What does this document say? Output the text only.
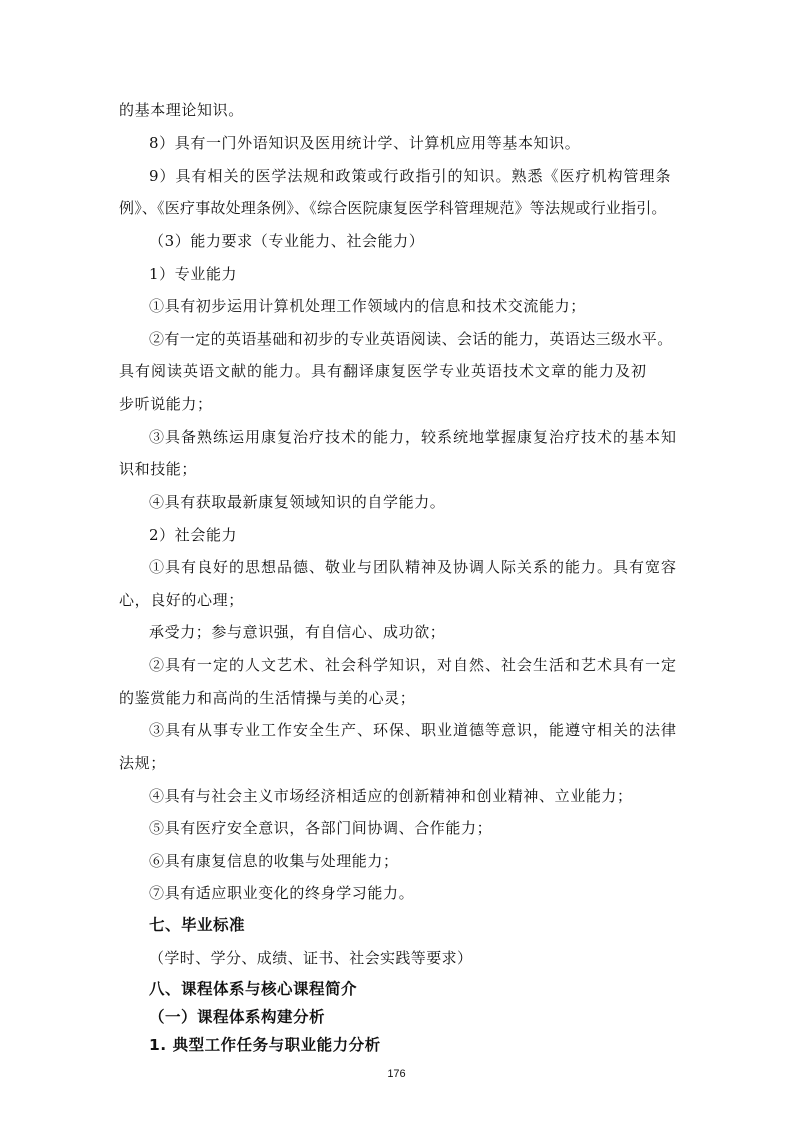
的基本理论知识。
8）具有一门外语知识及医用统计学、计算机应用等基本知识。
9）具有相关的医学法规和政策或行政指引的知识。熟悉《医疗机构管理条
例》、《医疗事故处理条例》、《综合医院康复医学科管理规范》等法规或行业指引。
（3）能力要求（专业能力、社会能力）
1）专业能力
①具有初步运用计算机处理工作领域内的信息和技术交流能力；
②有一定的英语基础和初步的专业英语阅读、会话的能力，英语达三级水平。
具有阅读英语文献的能力。具有翻译康复医学专业英语技术文章的能力及初
步听说能力；
③具备熟练运用康复治疗技术的能力，较系统地掌握康复治疗技术的基本知
识和技能；
④具有获取最新康复领域知识的自学能力。
2）社会能力
①具有良好的思想品德、敬业与团队精神及协调人际关系的能力。具有宽容
心，良好的心理；
承受力；参与意识强，有自信心、成功欲；
②具有一定的人文艺术、社会科学知识，对自然、社会生活和艺术具有一定
的鉴赏能力和高尚的生活情操与美的心灵；
③具有从事专业工作安全生产、环保、职业道德等意识，能遵守相关的法律
法规；
④具有与社会主义市场经济相适应的创新精神和创业精神、立业能力；
⑤具有医疗安全意识，各部门间协调、合作能力；
⑥具有康复信息的收集与处理能力；
⑦具有适应职业变化的终身学习能力。
七、毕业标准
（学时、学分、成绩、证书、社会实践等要求）
八、课程体系与核心课程简介
（一）课程体系构建分析
1. 典型工作任务与职业能力分析
176
